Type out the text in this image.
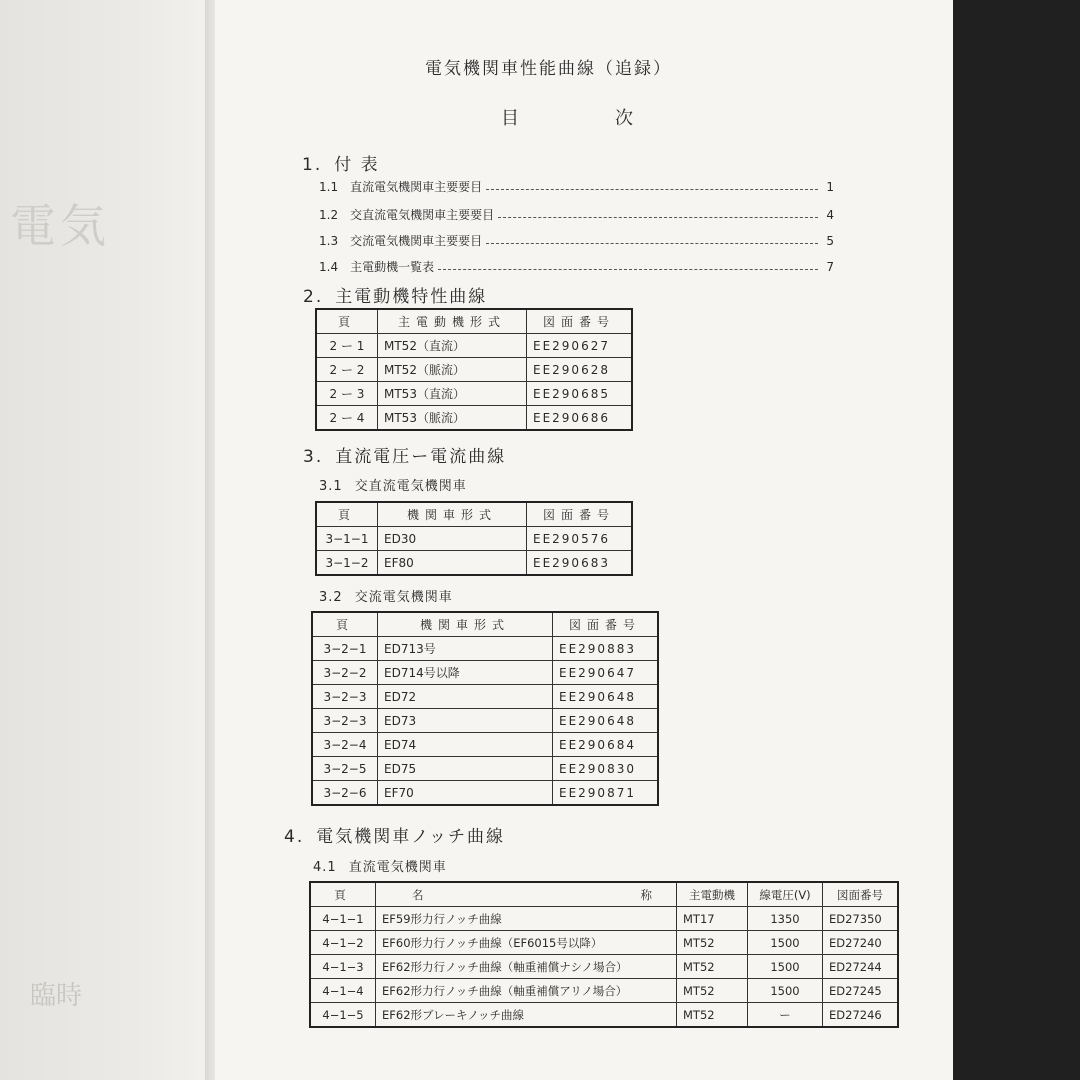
電気
臨時
電気機関車性能曲線（追録）
目	次
1. 付 表
1.1 直流電気機関車主要要目	1
1.2 交直流電気機関車主要要目	4
1.3 交流電気機関車主要要目	5
1.4 主電動機一覧表	7
2. 主電動機特性曲線
頁	主電動機形式	図面番号
2 ー 1	MT52（直流）	EE290627
2 ー 2	MT52（脈流）	EE290628
2 ー 3	MT53（直流）	EE290685
2 ー 4	MT53（脈流）	EE290686
3. 直流電圧ー電流曲線
3.1 交直流電気機関車
頁	機関車形式	図面番号
3−1−1	ED30	EE290576
3−1−2	EF80	EE290683
3.2 交流電気機関車
頁	機関車形式	図面番号
3−2−1	ED713号	EE290883
3−2−2	ED714号以降	EE290647
3−2−3	ED72	EE290648
3−2−3	ED73	EE290648
3−2−4	ED74	EE290684
3−2−5	ED75	EE290830
3−2−6	EF70	EE290871
4. 電気機関車ノッチ曲線
4.1 直流電気機関車
頁	名 称	主電動機	線電圧(V)	図面番号
4−1−1	EF59形力行ノッチ曲線	MT17	1350	ED27350
4−1−2	EF60形力行ノッチ曲線（EF6015号以降）	MT52	1500	ED27240
4−1−3	EF62形力行ノッチ曲線（軸重補償ナシノ場合）	MT52	1500	ED27244
4−1−4	EF62形力行ノッチ曲線（軸重補償アリノ場合）	MT52	1500	ED27245
4−1−5	EF62形ブレーキノッチ曲線	MT52	ー	ED27246
